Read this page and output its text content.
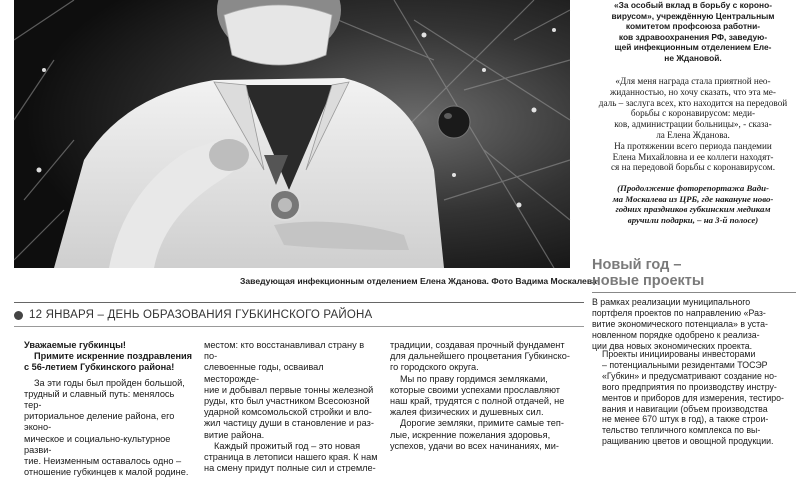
Заведующая инфекционным отделением Елена Жданова. Фото Вадима Москалева
«За особый вклад в борьбу с короно-
вирусом», учреждённую Центральным
комитетом профсоюза работни-
ков здравоохранения РФ, заведую-
щей инфекционным отделением Еле-
не Ждановой.
«Для меня награда стала приятной нео-
жиданностью, но хочу сказать, что эта ме-
даль – заслуга всех, кто находится на передовой
борьбы с коронавирусом: меди-
ков, администрации больницы», - сказа-
ла Елена Жданова.
На протяжении всего периода пандемии
Елена Михайловна и ее коллеги находят-
ся на передовой борьбы с коронавирусом.
(Продолжение фоторепортажа Вади-
ма Москалева из ЦРБ, где накануне ново-
годних праздников губкинским медикам
вручили подарки, – на 3-й полосе)
Новый год –
новые проекты
В рамках реализации муниципального
портфеля проектов по направлению «Раз-
витие экономического потенциала» в уста-
новленном порядке одобрено к реализа-
ции два новых экономических проекта.
Проекты инициированы инвесторами
– потенциальными резидентами ТОСЭР
«Губкин» и предусматривают создание но-
вого предприятия по производству инстру-
ментов и приборов для измерения, тестиро-
вания и навигации (объем производства
не менее 670 штук в год), а также строи-
тельство тепличного комплекса по вы-
ращиванию цветов и овощной продукции.
12 ЯНВАРЯ – ДЕНЬ ОБРАЗОВАНИЯ ГУБКИНСКОГО РАЙОНА
Уважаемые губкинцы!
Примите искренние поздравления
с 56-летием Губкинского района!
За эти годы был пройден большой,
трудный и славный путь: менялось тер-
риториальное деление района, его эконо-
мическое и социально-культурное разви-
тие. Неизменным оставалось одно –
отношение губкинцев к малой родине.
местом: кто восстанавливал страну в по-
слевоенные годы, осваивал месторожде-
ние и добывал первые тонны железной
руды, кто был участником Всесоюзной
ударной комсомольской стройки и вло-
жил частицу души в становление и раз-
витие района.
Каждый прожитый год – это новая
страница в летописи нашего края. К нам
на смену придут полные сил и стремле-
традиции, создавая прочный фундамент
для дальнейшего процветания Губкинско-
го городского округа.
Мы по праву гордимся земляками,
которые своими успехами прославляют
наш край, трудятся с полной отдачей, не
жалея физических и душевных сил.
Дорогие земляки, примите самые теп-
лые, искренние пожелания здоровья,
успехов, удачи во всех начинаниях, ми-
